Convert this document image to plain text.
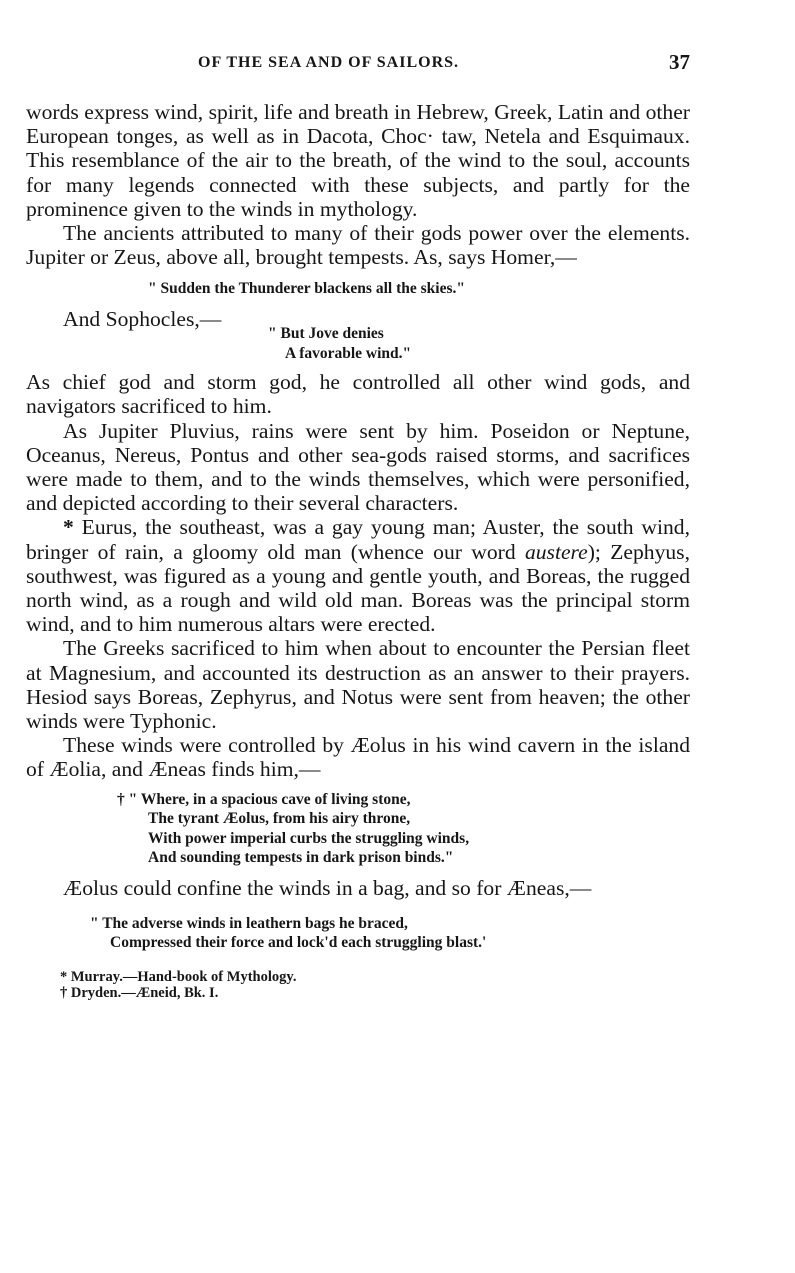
OF THE SEA AND OF SAILORS.	37

words express wind, spirit, life and breath in Hebrew, Greek, Latin and other European tonges, as well as in Dacota, Choc· taw, Netela and Esquimaux. This resemblance of the air to the breath, of the wind to the soul, accounts for many legends connected with these subjects, and partly for the prominence given to the winds in mythology.

The ancients attributed to many of their gods power over the elements. Jupiter or Zeus, above all, brought tempests. As, says Homer,—

" Sudden the Thunderer blackens all the skies."

And Sophocles,—

" But Jove denies
A favorable wind."

As chief god and storm god, he controlled all other wind gods, and navigators sacrificed to him.

As Jupiter Pluvius, rains were sent by him. Poseidon or Neptune, Oceanus, Nereus, Pontus and other sea-gods raised storms, and sacrifices were made to them, and to the winds themselves, which were personified, and depicted according to their several characters.

* Eurus, the southeast, was a gay young man; Auster, the south wind, bringer of rain, a gloomy old man (whence our word austere); Zephyus, southwest, was figured as a young and gentle youth, and Boreas, the rugged north wind, as a rough and wild old man. Boreas was the principal storm wind, and to him numerous altars were erected.

The Greeks sacrificed to him when about to encounter the Persian fleet at Magnesium, and accounted its destruction as an answer to their prayers. Hesiod says Boreas, Zephyrus, and Notus were sent from heaven; the other winds were Typhonic.

These winds were controlled by Æolus in his wind cavern in the island of Æolia, and Æneas finds him,—

† " Where, in a spacious cave of living stone,
The tyrant Æolus, from his airy throne,
With power imperial curbs the struggling winds,
And sounding tempests in dark prison binds."

Æolus could confine the winds in a bag, and so for Æneas,—

" The adverse winds in leathern bags he braced,
Compressed their force and lock'd each struggling blast.'
* Murray.—Hand-book of Mythology.
† Dryden.—Æneid, Bk. I.
